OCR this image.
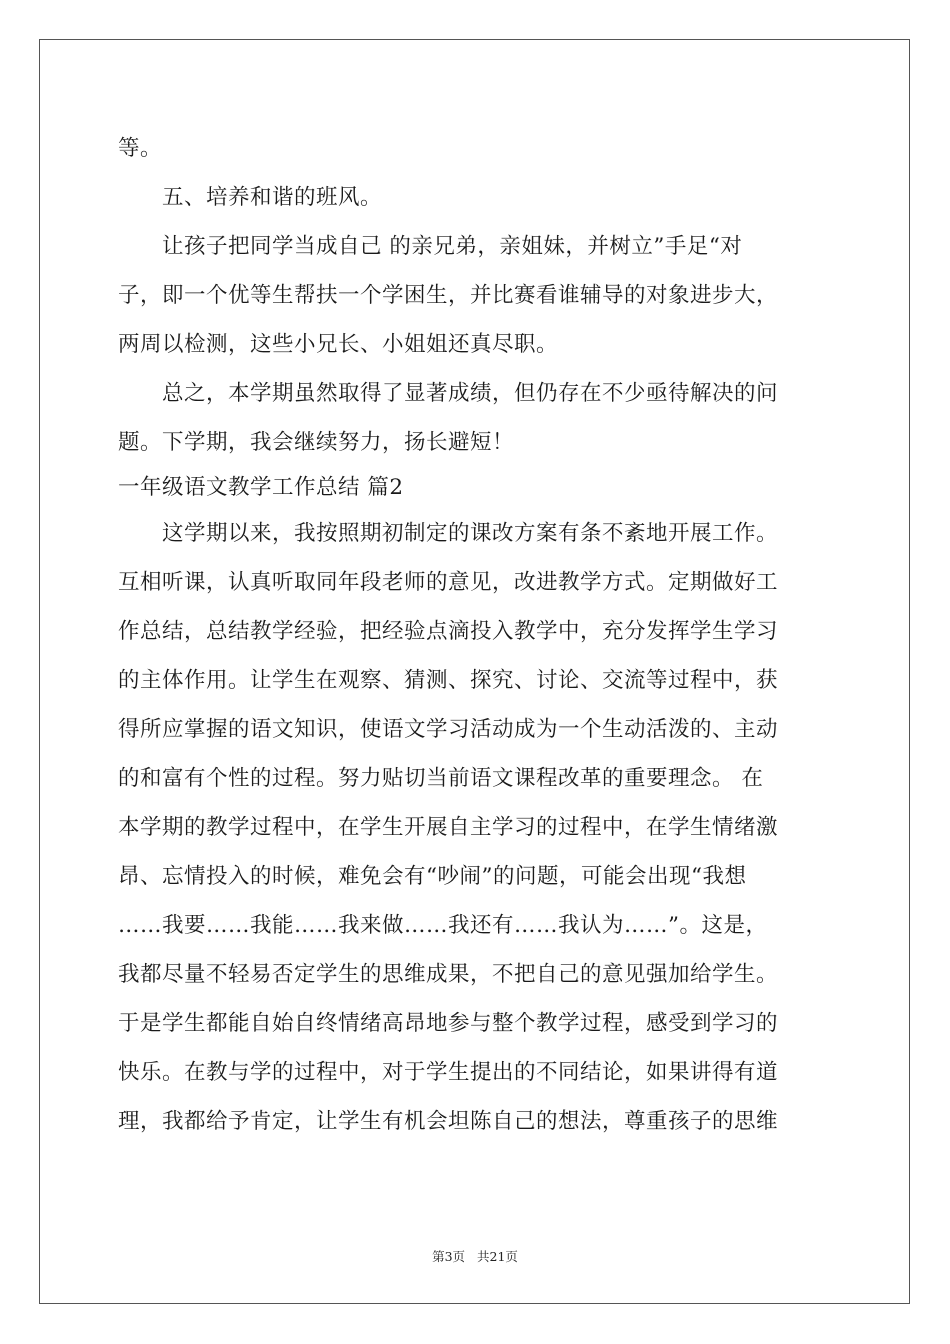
等。
　　五、培养和谐的班风。
　　让孩子把同学当成自己 的亲兄弟，亲姐妹，并树立”手足“对
子，即一个优等生帮扶一个学困生，并比赛看谁辅导的对象进步大，
两周以检测，这些小兄长、小姐姐还真尽职。
　　总之，本学期虽然取得了显著成绩，但仍存在不少亟待解决的问
题。下学期，我会继续努力，扬长避短！
一年级语文教学工作总结 篇2
　　这学期以来，我按照期初制定的课改方案有条不紊地开展工作。
互相听课，认真听取同年段老师的意见，改进教学方式。定期做好工
作总结，总结教学经验，把经验点滴投入教学中，充分发挥学生学习
的主体作用。让学生在观察、猜测、探究、讨论、交流等过程中，获
得所应掌握的语文知识，使语文学习活动成为一个生动活泼的、主动
的和富有个性的过程。努力贴切当前语文课程改革的重要理念。 在
本学期的教学过程中，在学生开展自主学习的过程中，在学生情绪激
昂、忘情投入的时候，难免会有“吵闹”的问题，可能会出现“我想
……我要……我能……我来做……我还有……我认为……”。这是，
我都尽量不轻易否定学生的思维成果，不把自己的意见强加给学生。
于是学生都能自始自终情绪高昂地参与整个教学过程，感受到学习的
快乐。在教与学的过程中，对于学生提出的不同结论，如果讲得有道
理，我都给予肯定，让学生有机会坦陈自己的想法，尊重孩子的思维
第3页 共21页
